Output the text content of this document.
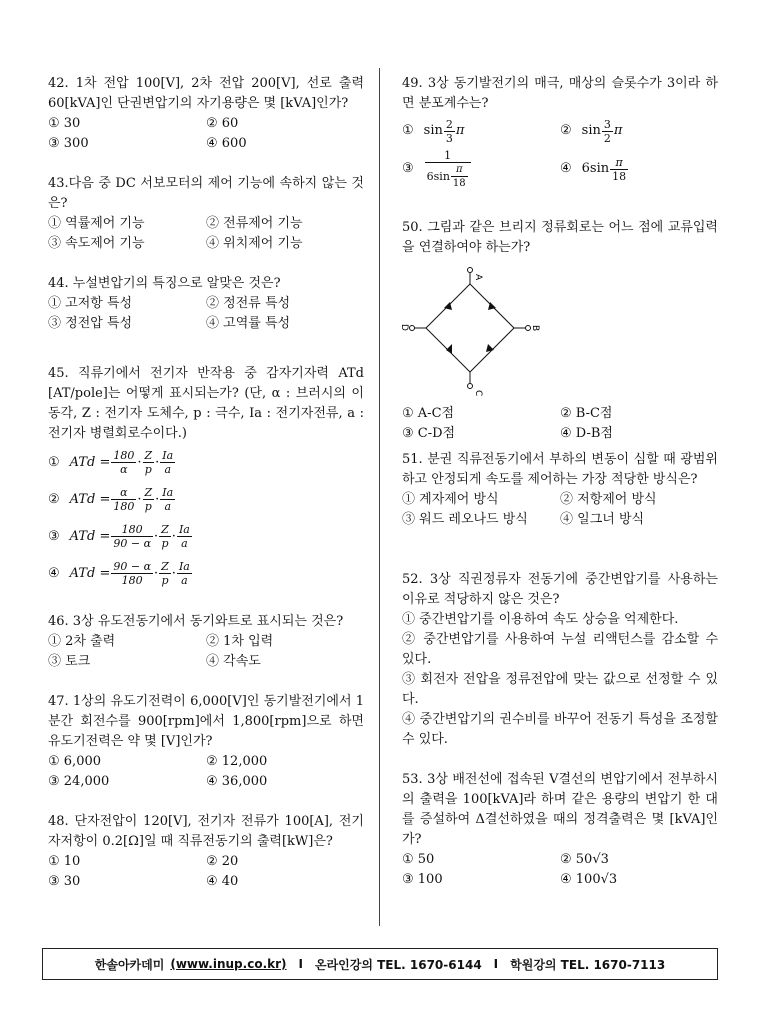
42. 1차 전압 100[V], 2차 전압 200[V], 선로 출력 60[kVA]인 단권변압기의 자기용량은 몇 [kVA]인가?
① 30	② 60
③ 300	④ 600
43.다음 중 DC 서보모터의 제어 기능에 속하지 않는 것은?
① 역률제어 기능	② 전류제어 기능
③ 속도제어 기능	④ 위치제어 기능
44. 누설변압기의 특징으로 알맞은 것은?
① 고저항 특성	② 정전류 특성
③ 정전압 특성	④ 고역률 특성
45. 직류기에서 전기자 반작용 중 감자기자력 ATd [AT/pole]는 어떻게 표시되는가? (단, α : 브러시의 이동각, Z : 전기자 도체수, p : 극수, Ia : 전기자전류, a : 전기자 병렬회로수이다.)
① ATd = $\frac{180}{\alpha} \cdot \frac{Z}{p} \cdot \frac{Ia}{a}$
② ATd = $\frac{\alpha}{180} \cdot \frac{Z}{p} \cdot \frac{Ia}{a}$
③ ATd = $\frac{180}{90 - \alpha} \cdot \frac{Z}{p} \cdot \frac{Ia}{a}$
④ ATd = $\frac{90 - \alpha}{180} \cdot \frac{Z}{p} \cdot \frac{Ia}{a}$
46. 3상 유도전동기에서 동기와트로 표시되는 것은?
① 2차 출력	② 1차 입력
③ 토크	④ 각속도
47. 1상의 유도기전력이 6,000[V]인 동기발전기에서 1분간 회전수를 900[rpm]에서 1,800[rpm]으로 하면 유도기전력은 약 몇 [V]인가?
① 6,000	② 12,000
③ 24,000	④ 36,000
48. 단자전압이 120[V], 전기자 전류가 100[A], 전기자저항이 0.2[Ω]일 때 직류전동기의 출력[kW]은?
① 10	② 20
③ 30	④ 40
49. 3상 동기발전기의 매극, 매상의 슬롯수가 3이라 하면 분포계수는?
① $\sin \frac{2}{3}$ π	② $\sin \frac{3}{2}$ π
③ $\frac{1}{6\sin \frac{\pi}{18}}$	④ $6\sin \frac{\pi}{18}$
50. 그림과 같은 브리지 정류회로는 어느 점에 교류입력을 연결하여야 하는가?
A
B
C
D
① A-C점	② B-C점
③ C-D점	④ D-B점
51. 분권 직류전동기에서 부하의 변동이 심할 때 광범위하고 안정되게 속도를 제어하는 가장 적당한 방식은?
① 계자제어 방식	② 저항제어 방식
③ 워드 레오나드 방식	④ 일그너 방식
52. 3상 직권정류자 전동기에 중간변압기를 사용하는 이유로 적당하지 않은 것은?
① 중간변압기를 이용하여 속도 상승을 억제한다.
② 중간변압기를 사용하여 누설 리액턴스를 감소할 수 있다.
③ 회전자 전압을 정류전압에 맞는 값으로 선정할 수 있다.
④ 중간변압기의 권수비를 바꾸어 전동기 특성을 조정할 수 있다.
53. 3상 배전선에 접속된 V결선의 변압기에서 전부하시의 출력을 100[kVA]라 하며 같은 용량의 변압기 한 대를 증설하여 Δ결선하였을 때의 정격출력은 몇 [kVA]인가?
① 50	② 50√3
③ 100	④ 100√3
한솔아카데미 (www.inup.co.kr) I 온라인강의 TEL. 1670-6144 I 학원강의 TEL. 1670-7113
